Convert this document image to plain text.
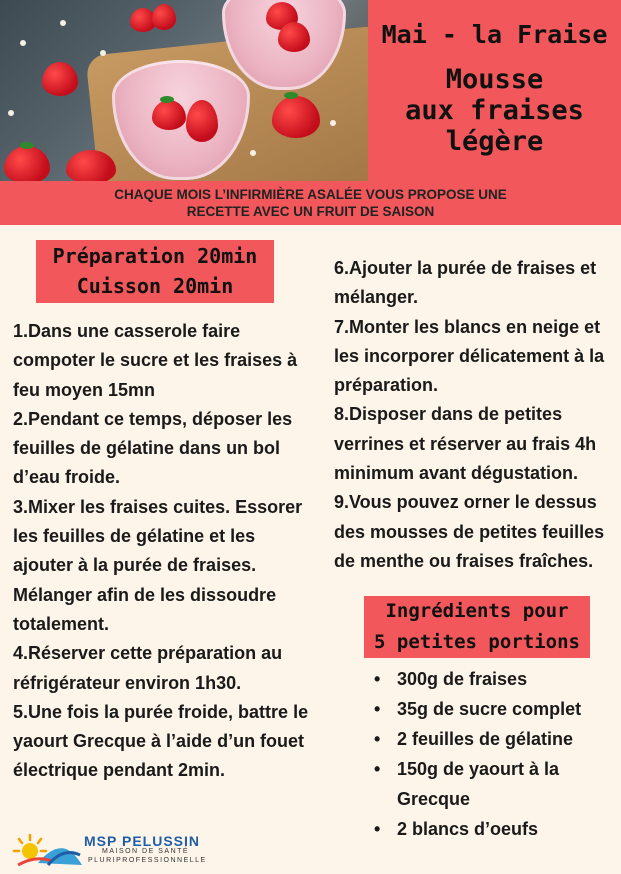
Mai - la Fraise
Mousse
aux fraises
légère
CHAQUE MOIS L’INFIRMIÈRE ASALÉE VOUS PROPOSE UNE
RECETTE AVEC UN FRUIT DE SAISON
Préparation 20min
Cuisson 20min

1.Dans une casserole faire compoter le sucre et les fraises à feu moyen 15mn

2.Pendant ce temps, déposer les feuilles de gélatine dans un bol d’eau froide.

3.Mixer les fraises cuites. Essorer les feuilles de gélatine et les ajouter à la purée de fraises. Mélanger afin de les dissoudre totalement.

4.Réserver cette préparation au réfrigérateur environ 1h30.

5.Une fois la purée froide, battre le yaourt Grecque à l’aide d’un fouet électrique pendant 2min.

6.Ajouter la purée de fraises et mélanger.

7.Monter les blancs en neige et les incorporer délicatement à la préparation.

8.Disposer dans de petites verrines et réserver au frais 4h minimum avant dégustation.

9.Vous pouvez orner le dessus des mousses de petites feuilles de menthe ou fraises fraîches.

Ingrédients pour
5 petites portions
• 300g de fraises
• 35g de sucre complet
• 2 feuilles de gélatine
• 150g de yaourt à la Grecque
• 2 blancs d’oeufs
MSP PELUSSIN
MAISON DE SANTÉ
PLURIPROFESSIONNELLE
